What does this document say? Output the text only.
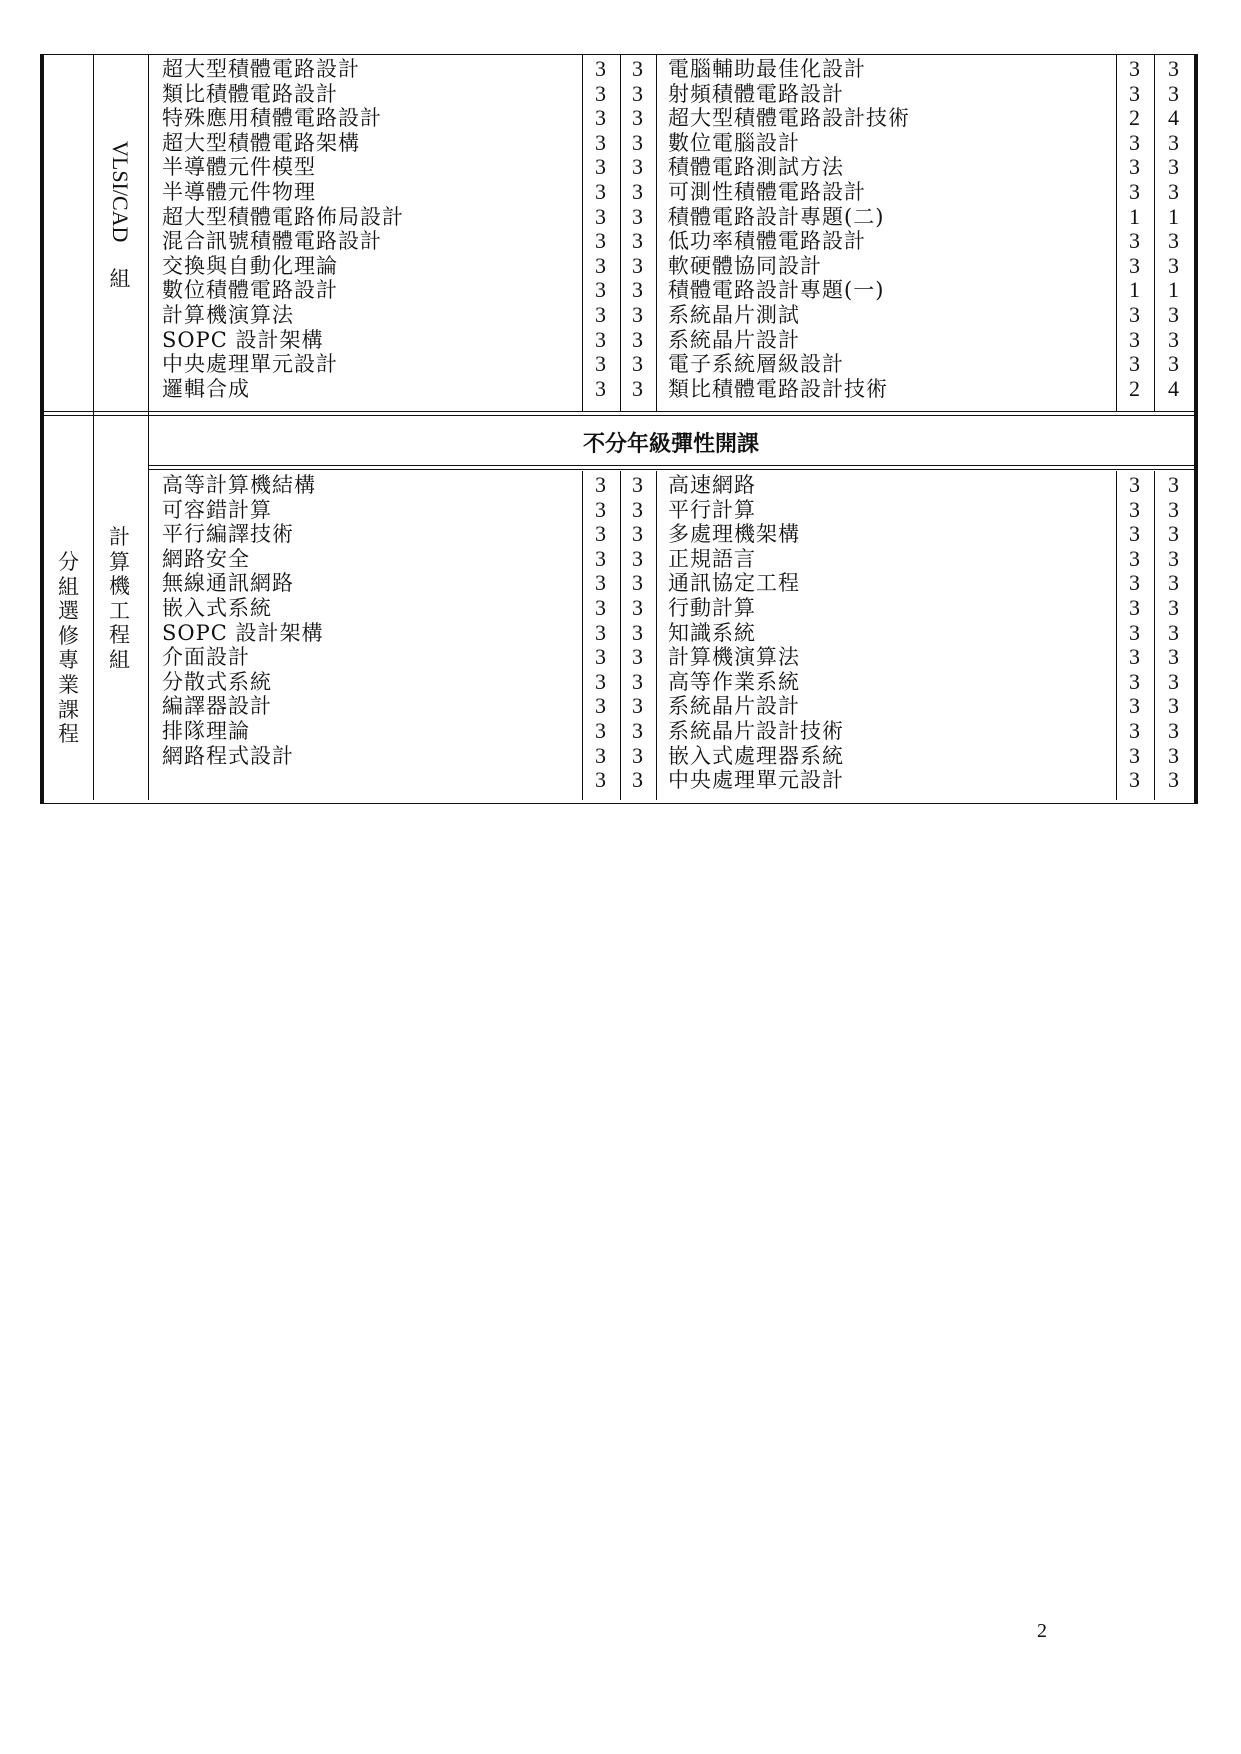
VLSI/CAD
組
超大型積體電路設計
類比積體電路設計
特殊應用積體電路設計
超大型積體電路架構
半導體元件模型
半導體元件物理
超大型積體電路佈局設計
混合訊號積體電路設計
交換與自動化理論
數位積體電路設計
計算機演算法
SOPC 設計架構
中央處理單元設計
邏輯合成
3
3
3
3
3
3
3
3
3
3
3
3
3
3
3
3
3
3
3
3
3
3
3
3
3
3
3
3
電腦輔助最佳化設計
射頻積體電路設計
超大型積體電路設計技術
數位電腦設計
積體電路測試方法
可測性積體電路設計
積體電路設計專題(二)
低功率積體電路設計
軟硬體協同設計
積體電路設計專題(一)
系統晶片測試
系統晶片設計
電子系統層級設計
類比積體電路設計技術
3
3
2
3
3
3
1
3
3
1
3
3
3
2
3
3
4
3
3
3
1
3
3
1
3
3
3
4
分
組
選
修
專
業
課
程
計
算
機
工
程
組
不分年級彈性開課
高等計算機結構
可容錯計算
平行編譯技術
網路安全
無線通訊網路
嵌入式系統
SOPC 設計架構
介面設計
分散式系統
編譯器設計
排隊理論
網路程式設計
3
3
3
3
3
3
3
3
3
3
3
3
3
3
3
3
3
3
3
3
3
3
3
3
3
3
高速網路
平行計算
多處理機架構
正規語言
通訊協定工程
行動計算
知識系統
計算機演算法
高等作業系統
系統晶片設計
系統晶片設計技術
嵌入式處理器系統
中央處理單元設計
3
3
3
3
3
3
3
3
3
3
3
3
3
3
3
3
3
3
3
3
3
3
3
3
3
3
2
